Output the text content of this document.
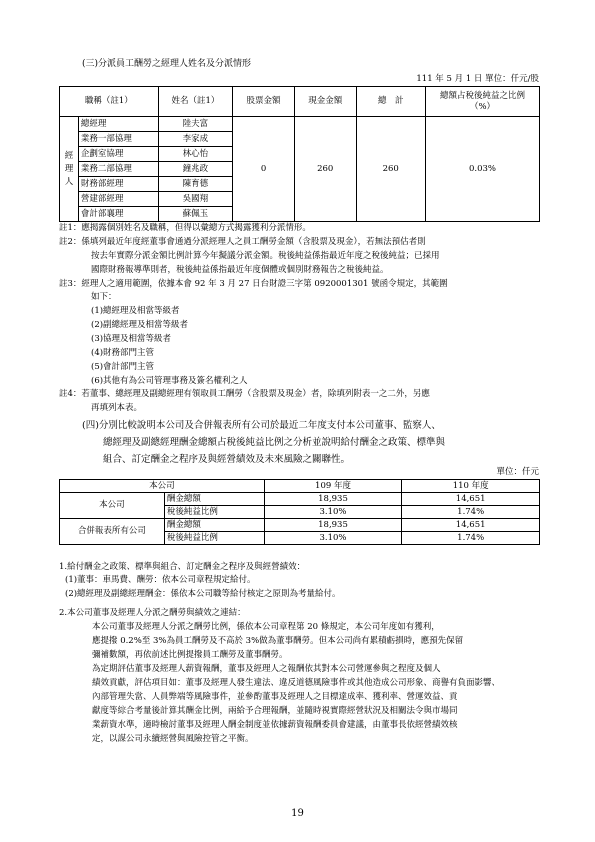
(三)分派員工酬勞之經理人姓名及分派情形
111 年 5 月 1 日 單位：仟元/股
職稱（註1）		姓名（註1）	股票金額	現金金額	總　計	總額占稅後純益之比例（%）
經理人	總經理	陸夫富	0	260	260	0.03%
	業務一部協理	李家成				
	企劃室協理	林心怡				
	業務二部協理	鐘兆政				
	財務部經理	陳育德				
	營建部經理	吳國翔				
	會計部襄理	蘇佩玉				
註1：應揭露個別姓名及職稱，但得以彙總方式揭露獲利分派情形。
註2：係填列最近年度經董事會通過分派經理人之員工酬勞金額（含股票及現金），若無法預估者則
按去年實際分派金額比例計算今年擬議分派金額。稅後純益係指最近年度之稅後純益；已採用
國際財務報導準則者，稅後純益係指最近年度個體或個別財務報告之稅後純益。
註3：經理人之適用範圍，依據本會 92 年 3 月 27 日台財證三字第 0920001301 號函令規定，其範圍
如下：
(1)總經理及相當等級者
(2)副總經理及相當等級者
(3)協理及相當等級者
(4)財務部門主管
(5)會計部門主管
(6)其他有為公司管理事務及簽名權利之人
註4：若董事、總經理及副總經理有領取員工酬勞（含股票及現金）者，除填列附表一之二外，另應
再填列本表。
(四)分別比較說明本公司及合併報表所有公司於最近二年度支付本公司董事、監察人、
總經理及副總經理酬金總額占稅後純益比例之分析並說明給付酬金之政策、標準與
組合、訂定酬金之程序及與經營績效及未來風險之關聯性。
單位：仟元
本公司		109 年度	110 年度
本公司	酬金總額	18,935	14,651
	稅後純益比例	3.10%	1.74%
合併報表所有公司	酬金總額	18,935	14,651
	稅後純益比例	3.10%	1.74%
1.給付酬金之政策、標準與組合、訂定酬金之程序及與經營績效：
(1)董事：車馬費、酬勞：依本公司章程規定給付。
(2)總經理及副總經理酬金：係依本公司職等給付核定之原則為考量給付。
2.本公司董事及經理人分派之酬勞與績效之連結：
本公司董事及經理人分派之酬勞比例，係依本公司章程第 20 條規定，本公司年度如有獲利，
應提撥 0.2%至 3%為員工酬勞及不高於 3%做為董事酬勞。但本公司尚有累積虧損時，應預先保留
彌補數額，再依前述比例提撥員工酬勞及董事酬勞。
為定期評估董事及經理人薪資報酬，董事及經理人之報酬依其對本公司營運參與之程度及個人
績效貢獻，評估項目如：董事及經理人發生違法、違反道德風險事件或其他造成公司形象、商譽有負面影響、
內部管理失當、人員弊端等風險事件，並參酌董事及經理人之目標達成率、獲利率、營運效益、貢
獻度等綜合考量後計算其酬金比例，兩給予合理報酬，並隨時視實際經營狀況及相關法令與市場同
業薪資水準，適時檢討董事及經理人酬金制度並依據薪資報酬委員會建議，由董事長依經營績效核
定，以謀公司永續經營與風險控管之平衡。
19
